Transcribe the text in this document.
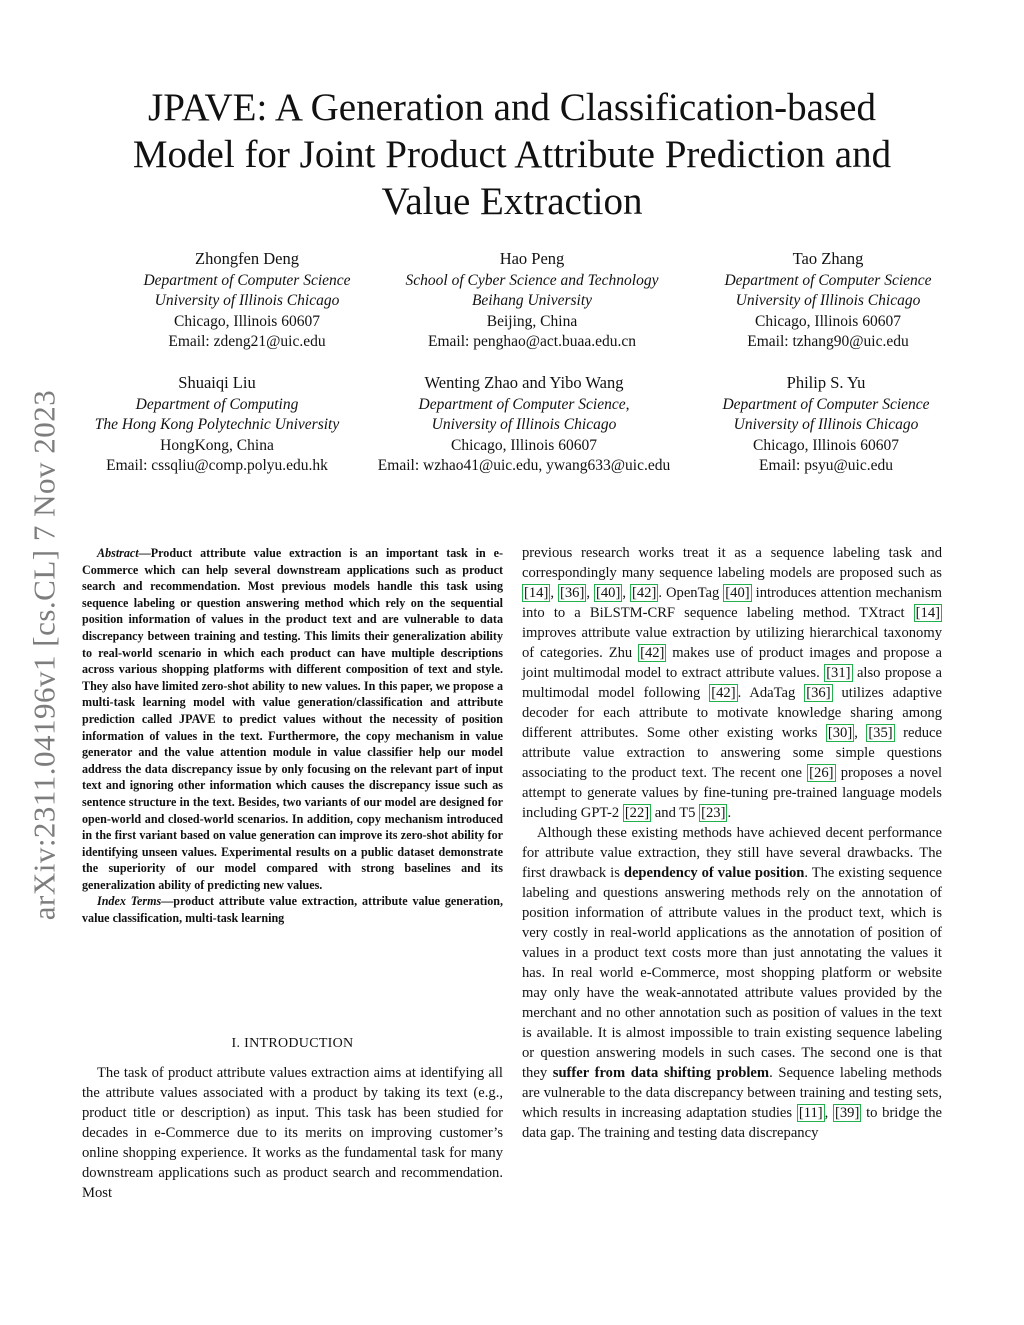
arXiv:2311.04196v1 [cs.CL] 7 Nov 2023
JPAVE: A Generation and Classification-based
Model for Joint Product Attribute Prediction and
Value Extraction
Zhongfen Deng
Department of Computer Science
University of Illinois Chicago
Chicago, Illinois 60607
Email: zdeng21@uic.edu
Hao Peng
School of Cyber Science and Technology
Beihang University
Beijing, China
Email: penghao@act.buaa.edu.cn
Tao Zhang
Department of Computer Science
University of Illinois Chicago
Chicago, Illinois 60607
Email: tzhang90@uic.edu
Shuaiqi Liu
Department of Computing
The Hong Kong Polytechnic University
HongKong, China
Email: cssqliu@comp.polyu.edu.hk
Wenting Zhao and Yibo Wang
Department of Computer Science,
University of Illinois Chicago
Chicago, Illinois 60607
Email: wzhao41@uic.edu, ywang633@uic.edu
Philip S. Yu
Department of Computer Science
University of Illinois Chicago
Chicago, Illinois 60607
Email: psyu@uic.edu

Abstract—Product attribute value extraction is an important task in e-Commerce which can help several downstream applications such as product search and recommendation. Most previous models handle this task using sequence labeling or question answering method which rely on the sequential position information of values in the product text and are vulnerable to data discrepancy between training and testing. This limits their generalization ability to real-world scenario in which each product can have multiple descriptions across various shopping platforms with different composition of text and style. They also have limited zero-shot ability to new values. In this paper, we propose a multi-task learning model with value generation/classification and attribute prediction called JPAVE to predict values without the necessity of position information of values in the text. Furthermore, the copy mechanism in value generator and the value attention module in value classifier help our model address the data discrepancy issue by only focusing on the relevant part of input text and ignoring other information which causes the discrepancy issue such as sentence structure in the text. Besides, two variants of our model are designed for open-world and closed-world scenarios. In addition, copy mechanism introduced in the first variant based on value generation can improve its zero-shot ability for identifying unseen values. Experimental results on a public dataset demonstrate the superiority of our model compared with strong baselines and its generalization ability of predicting new values.

Index Terms—product attribute value extraction, attribute value generation, value classification, multi-task learning

I. INTRODUCTION

The task of product attribute values extraction aims at identifying all the attribute values associated with a product by taking its text (e.g., product title or description) as input. This task has been studied for decades in e-Commerce due to its merits on improving customer’s online shopping experience. It works as the fundamental task for many downstream applications such as product search and recommendation. Most

previous research works treat it as a sequence labeling task and correspondingly many sequence labeling models are proposed such as [14] , [36] , [40] , [42] . OpenTag [40] introduces attention mechanism into to a BiLSTM-CRF sequence labeling method. TXtract [14] improves attribute value extraction by utilizing hierarchical taxonomy of categories. Zhu [42] makes use of product images and propose a joint multimodal model to extract attribute values. [31] also propose a multimodal model following [42] . AdaTag [36] utilizes adaptive decoder for each attribute to motivate knowledge sharing among different attributes. Some other existing works [30] , [35] reduce attribute value extraction to answering some simple questions associating to the product text. The recent one [26] proposes a novel attempt to generate values by fine-tuning pre-trained language models including GPT-2 [22] and T5 [23] .

Although these existing methods have achieved decent performance for attribute value extraction, they still have several drawbacks. The first drawback is dependency of value position. The existing sequence labeling and questions answering methods rely on the annotation of position information of attribute values in the product text, which is very costly in real-world applications as the annotation of position of values in a product text costs more than just annotating the values it has. In real world e-Commerce, most shopping platform or website may only have the weak-annotated attribute values provided by the merchant and no other annotation such as position of values in the text is available. It is almost impossible to train existing sequence labeling or question answering models in such cases. The second one is that they suffer from data shifting problem. Sequence labeling methods are vulnerable to the data discrepancy between training and testing sets, which results in increasing adaptation studies [11] , [39] to bridge the data gap. The training and testing data discrepancy
